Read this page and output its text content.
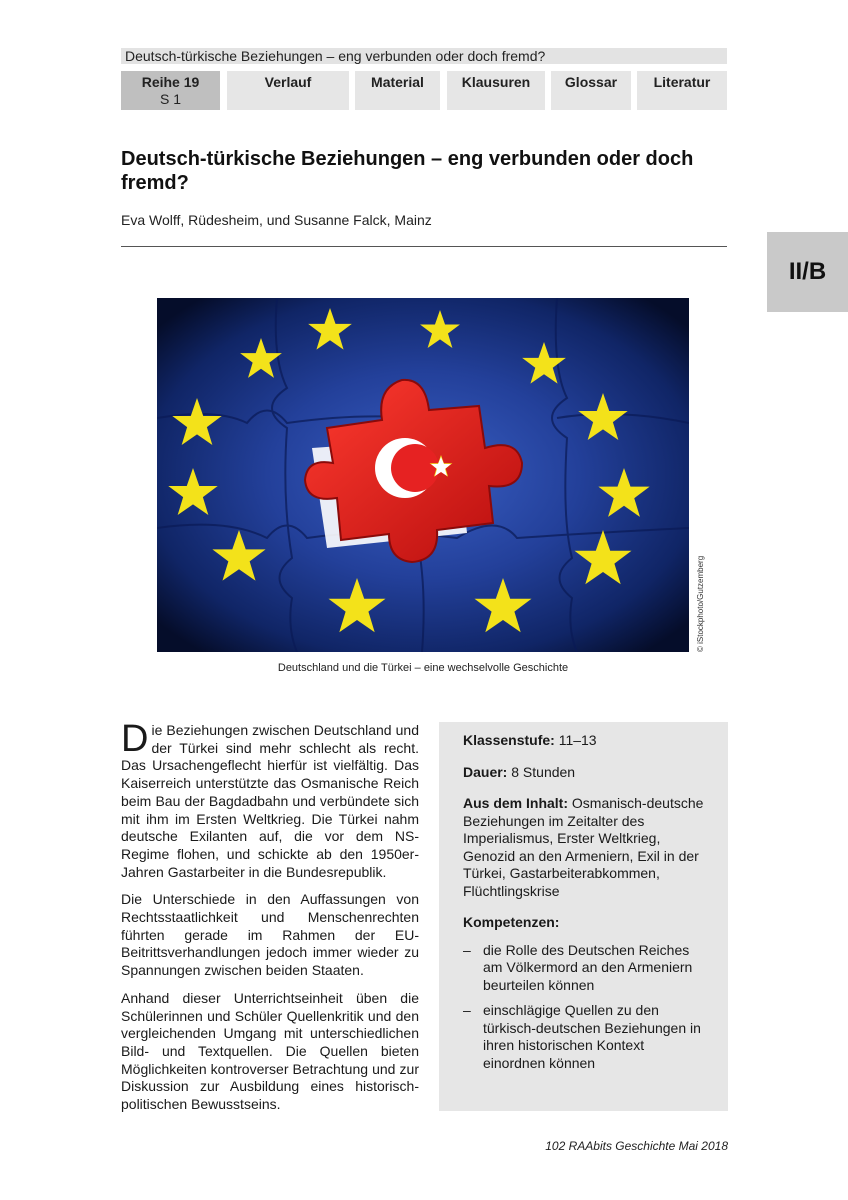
Deutsch-türkische Beziehungen – eng verbunden oder doch fremd?
Reihe 19
S 1
Verlauf	Material	Klausuren	Glossar	Literatur
II/B
Deutsch-türkische Beziehungen – eng verbunden oder doch fremd?
Eva Wolff, Rüdesheim, und Susanne Falck, Mainz
© iStockphoto/Gutzemberg
Deutschland und die Türkei – eine wechselvolle Geschichte

Die Beziehungen zwischen Deutschland und der Türkei sind mehr schlecht als recht. Das Ursachengeflecht hierfür ist vielfältig. Das Kaiserreich unterstützte das Osmanische Reich beim Bau der Bagdadbahn und verbündete sich mit ihm im Ersten Weltkrieg. Die Türkei nahm deutsche Exilanten auf, die vor dem NS-Regime flohen, und schickte ab den 1950er-Jahren Gastarbeiter in die Bundesrepublik.

Die Unterschiede in den Auffassungen von Rechtsstaatlichkeit und Menschenrechten führten gerade im Rahmen der EU-Beitrittsverhandlungen jedoch immer wieder zu Spannungen zwischen beiden Staaten.

Anhand dieser Unterrichtseinheit üben die Schülerinnen und Schüler Quellenkritik und den vergleichenden Umgang mit unterschiedlichen Bild- und Textquellen. Die Quellen bieten Möglichkeiten kontroverser Betrachtung und zur Diskussion zur Ausbildung eines historisch-politischen Bewusstseins.

Klassenstufe: 11–13

Dauer: 8 Stunden

Aus dem Inhalt: Osmanisch-deutsche Beziehungen im Zeitalter des Imperialismus, Erster Weltkrieg, Genozid an den Armeniern, Exil in der Türkei, Gastarbeiterabkommen, Flüchtlingskrise

Kompetenzen:

– die Rolle des Deutschen Reiches am Völkermord an den Armeniern beurteilen können
– einschlägige Quellen zu den türkisch-deutschen Beziehungen in ihren historischen Kontext einordnen können
102 RAAbits Geschichte Mai 2018
